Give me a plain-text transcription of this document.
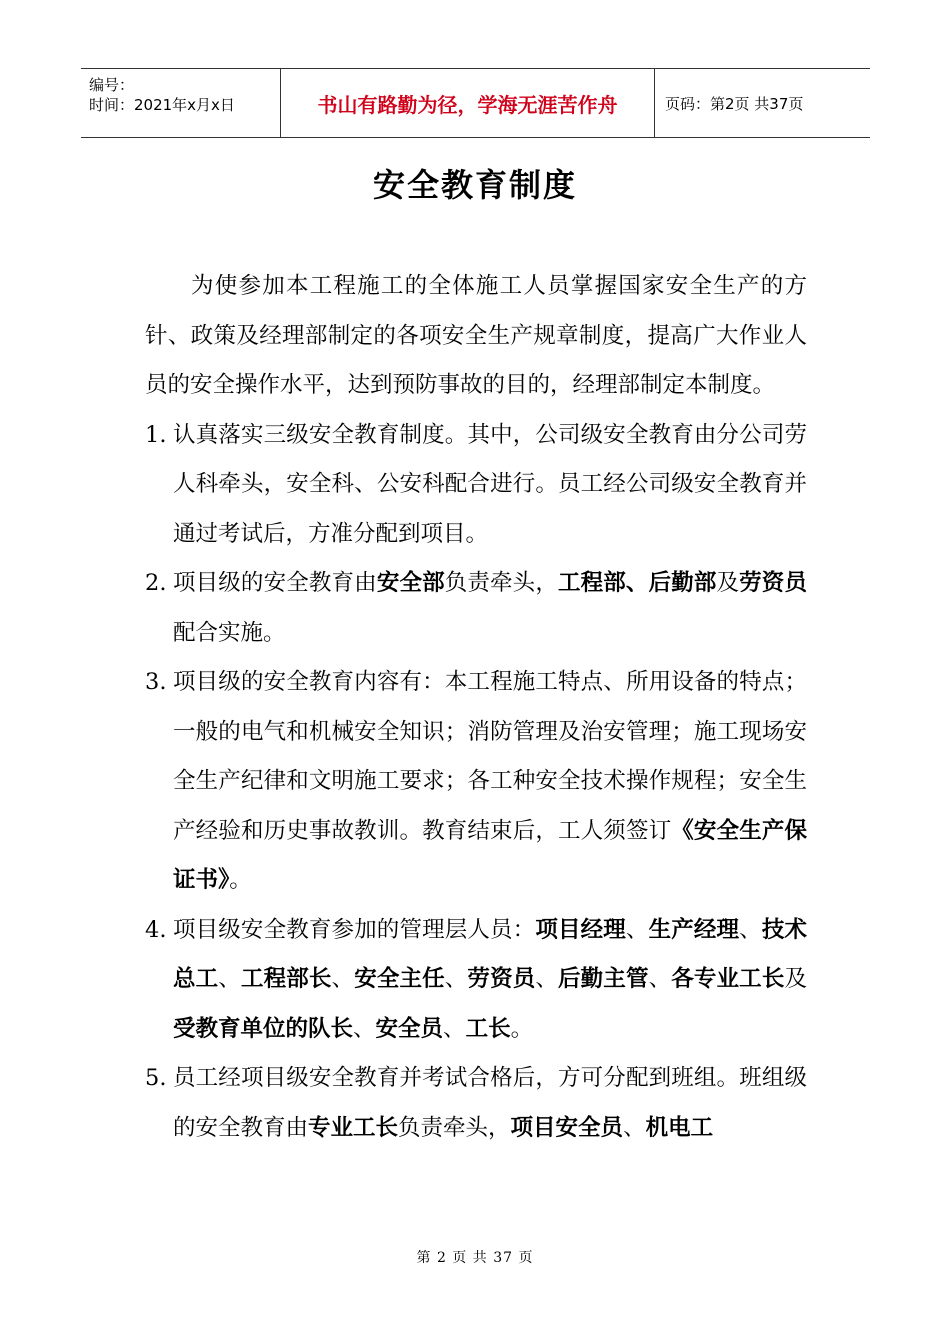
编号：
时间：2021年x月x日	书山有路勤为径，学海无涯苦作舟	页码：第2页 共37页
安全教育制度

为使参加本工程施工的全体施工人员掌握国家安全生产的方针、政策及经理部制定的各项安全生产规章制度，提高广大作业人员的安全操作水平，达到预防事故的目的，经理部制定本制度。

1. 认真落实三级安全教育制度。其中，公司级安全教育由分公司劳人科牵头，安全科、公安科配合进行。员工经公司级安全教育并通过考试后，方准分配到项目。
2. 项目级的安全教育由安全部负责牵头，工程部、后勤部及劳资员配合实施。
3. 项目级的安全教育内容有：本工程施工特点、所用设备的特点；一般的电气和机械安全知识；消防管理及治安管理；施工现场安全生产纪律和文明施工要求；各工种安全技术操作规程；安全生产经验和历史事故教训。教育结束后，工人须签订《安全生产保证书》。
4. 项目级安全教育参加的管理层人员：项目经理、生产经理、技术总工、工程部长、安全主任、劳资员、后勤主管、各专业工长及受教育单位的队长、安全员、工长。
5. 员工经项目级安全教育并考试合格后，方可分配到班组。班组级的安全教育由专业工长负责牵头，项目安全员、机电工
第 2 页 共 37 页
